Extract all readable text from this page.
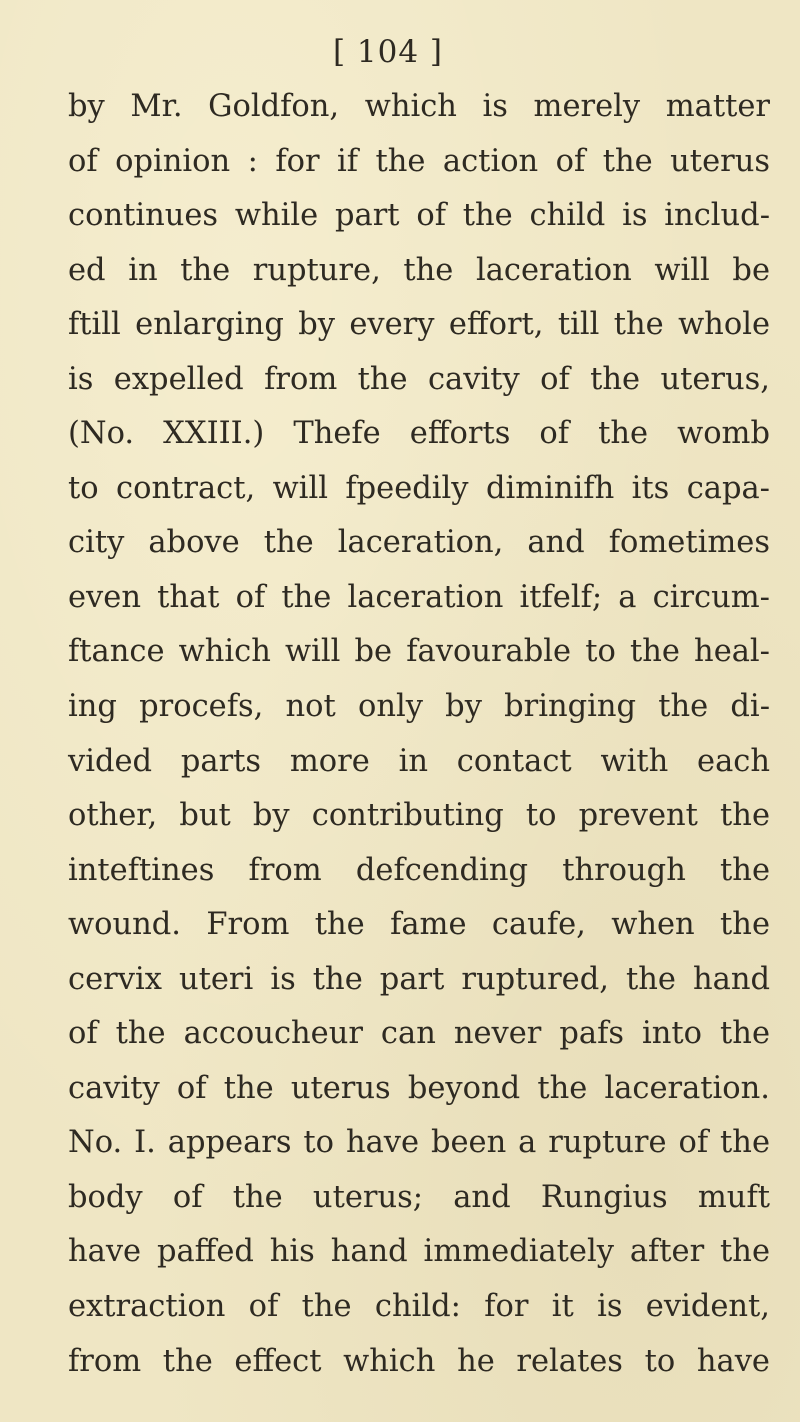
[ 104 ]
by Mr. Goldfon, which is merely matter
of opinion : for if the action of the uterus
continues while part of the child is includ-
ed in the rupture, the laceration will be
ftill enlarging by every effort, till the whole
is expelled from the cavity of the uterus,
(No. XXIII.) Thefe efforts of the womb
to contract, will fpeedily diminifh its capa-
city above the laceration, and fometimes
even that of the laceration itfelf; a circum-
ftance which will be favourable to the heal-
ing procefs, not only by bringing the di-
vided parts more in contact with each
other, but by contributing to prevent the
inteftines from defcending through the
wound. From the fame caufe, when the
cervix uteri is the part ruptured, the hand
of the accoucheur can never pafs into the
cavity of the uterus beyond the laceration.
No. I. appears to have been a rupture of the
body of the uterus; and Rungius muft
have paffed his hand immediately after the
extraction of the child: for it is evident,
from the effect which he relates to have
